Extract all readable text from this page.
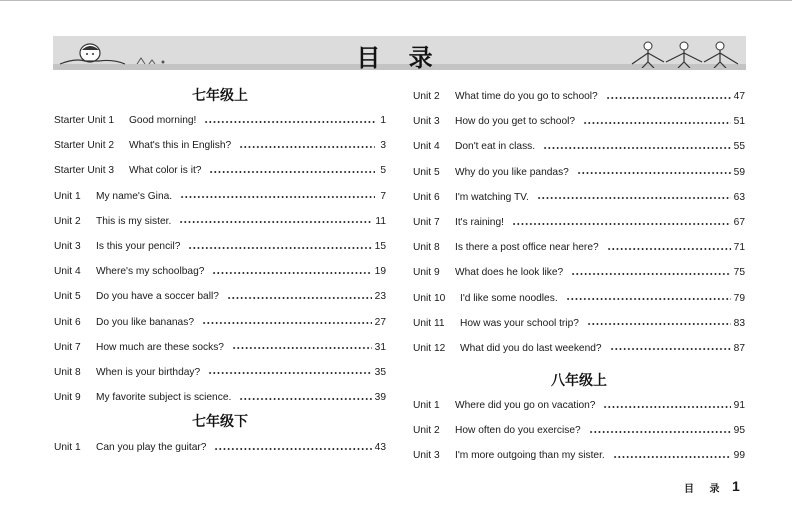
目 录
七年级上
Starter Unit 1	Good morning!	1
Starter Unit 2	What's this in English?	3
Starter Unit 3	What color is it?	5
Unit 1	My name's Gina.	7
Unit 2	This is my sister.	11
Unit 3	Is this your pencil?	15
Unit 4	Where's my schoolbag?	19
Unit 5	Do you have a soccer ball?	23
Unit 6	Do you like bananas?	27
Unit 7	How much are these socks?	31
Unit 8	When is your birthday?	35
Unit 9	My favorite subject is science.	39
七年级下
Unit 1	Can you play the guitar?	43
Unit 2	What time do you go to school?	47
Unit 3	How do you get to school?	51
Unit 4	Don't eat in class.	55
Unit 5	Why do you like pandas?	59
Unit 6	I'm watching TV.	63
Unit 7	It's raining!	67
Unit 8	Is there a post office near here?	71
Unit 9	What does he look like?	75
Unit 10	I'd like some noodles.	79
Unit 11	How was your school trip?	83
Unit 12	What did you do last weekend?	87
八年级上
Unit 1	Where did you go on vacation?	91
Unit 2	How often do you exercise?	95
Unit 3	I'm more outgoing than my sister.	99
目 录 1
